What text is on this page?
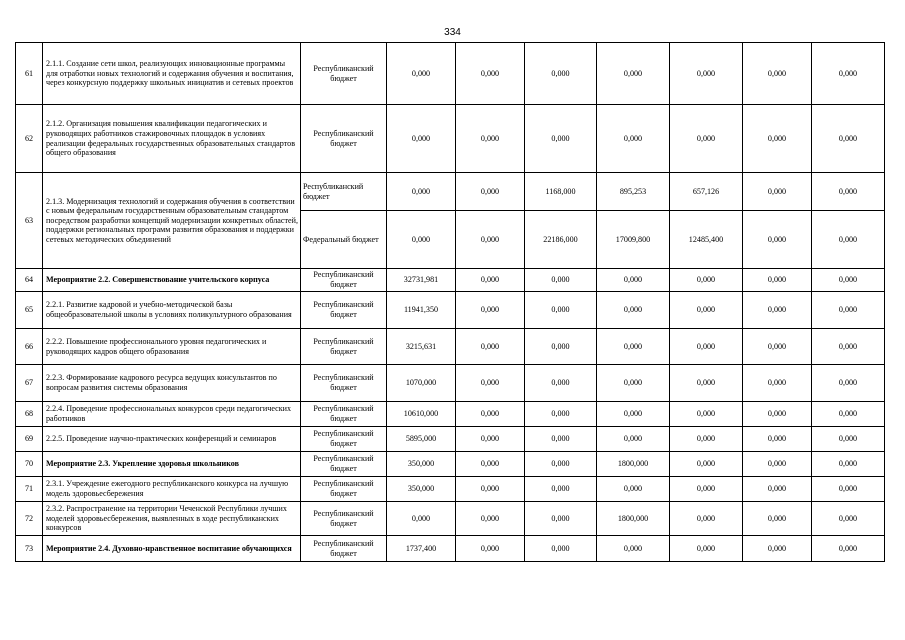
334
61	2.1.1. Создание сети школ, реализующих инновационные программы для отработки новых технологий и содержания обучения и воспитания, через конкурсную поддержку школьных инициатив и сетевых проектов	Республиканский бюджет	0,000	0,000	0,000	0,000	0,000	0,000	0,000
62	2.1.2. Организация повышения квалификации педагогических и руководящих работников стажировочных площадок в условиях реализации федеральных государственных образовательных стандартов общего образования	Республиканский бюджет	0,000	0,000	0,000	0,000	0,000	0,000	0,000
63	2.1.3. Модернизация технологий и содержания обучения в соответствии с новым федеральным государственным образовательным стандартом посредством разработки концепций модернизации конкретных областей, поддержки региональных программ развития образования и поддержки сетевых методических объединений	Республиканский бюджет	0,000	0,000	1168,000	895,253	657,126	0,000	0,000
		Федеральный бюджет	0,000	0,000	22186,000	17009,800	12485,400	0,000	0,000
64	Мероприятие 2.2. Совершенствование учительского корпуса	Республиканский бюджет	32731,981	0,000	0,000	0,000	0,000	0,000	0,000
65	2.2.1. Развитие кадровой и учебно-методической базы общеобразовательной школы в условиях поликультурного образования	Республиканский бюджет	11941,350	0,000	0,000	0,000	0,000	0,000	0,000
66	2.2.2. Повышение профессионального уровня педагогических и руководящих кадров общего образования	Республиканский бюджет	3215,631	0,000	0,000	0,000	0,000	0,000	0,000
67	2.2.3. Формирование кадрового ресурса ведущих консультантов по вопросам развития системы образования	Республиканский бюджет	1070,000	0,000	0,000	0,000	0,000	0,000	0,000
68	2.2.4. Проведение профессиональных конкурсов среди педагогических работников	Республиканский бюджет	10610,000	0,000	0,000	0,000	0,000	0,000	0,000
69	2.2.5. Проведение научно-практических конференций и семинаров	Республиканский бюджет	5895,000	0,000	0,000	0,000	0,000	0,000	0,000
70	Мероприятие 2.3. Укрепление здоровья школьников	Республиканский бюджет	350,000	0,000	0,000	1800,000	0,000	0,000	0,000
71	2.3.1. Учреждение ежегодного республиканского конкурса на лучшую модель здоровьесбережения	Республиканский бюджет	350,000	0,000	0,000	0,000	0,000	0,000	0,000
72	2.3.2. Распространение на территории Чеченской Республики лучших моделей здоровьесбережения, выявленных в ходе республиканских конкурсов	Республиканский бюджет	0,000	0,000	0,000	1800,000	0,000	0,000	0,000
73	Мероприятие 2.4. Духовно-нравственное воспитание обучающихся	Республиканский бюджет	1737,400	0,000	0,000	0,000	0,000	0,000	0,000
